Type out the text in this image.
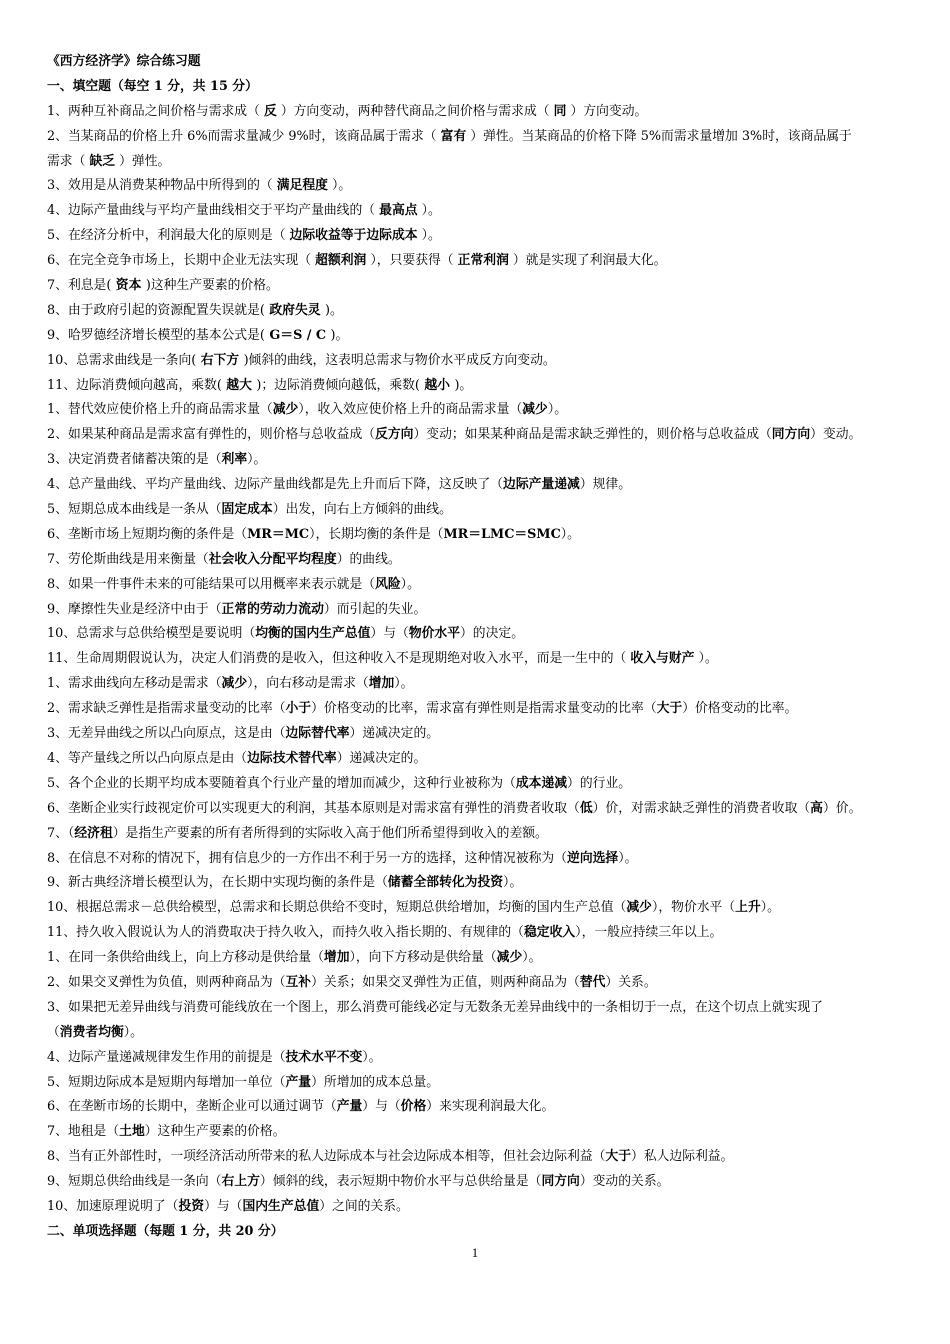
《西方经济学》综合练习题
一、填空题（每空 1 分，共 15 分）
1、两种互补商品之间价格与需求成（ 反 ）方向变动，两种替代商品之间价格与需求成（ 同 ）方向变动。
2、当某商品的价格上升 6%而需求量减少 9%时，该商品属于需求（ 富有 ）弹性。当某商品的价格下降 5%而需求量增加 3%时，该商品属于
需求（ 缺乏 ）弹性。
3、效用是从消费某种物品中所得到的（ 满足程度 ）。
4、边际产量曲线与平均产量曲线相交于平均产量曲线的（ 最高点 ）。
5、在经济分析中，利润最大化的原则是（ 边际收益等于边际成本 ）。
6、在完全竞争市场上，长期中企业无法实现（ 超额利润 ），只要获得（ 正常利润 ）就是实现了利润最大化。
7、利息是( 资本 )这种生产要素的价格。
8、由于政府引起的资源配置失误就是( 政府失灵 )。
9、哈罗德经济增长模型的基本公式是( G＝S / C )。
10、总需求曲线是一条向( 右下方 )倾斜的曲线，这表明总需求与物价水平成反方向变动。
11、边际消费倾向越高，乘数( 越大 )；边际消费倾向越低，乘数( 越小 )。
1、替代效应使价格上升的商品需求量（减少），收入效应使价格上升的商品需求量（减少）。
2、如果某种商品是需求富有弹性的，则价格与总收益成（反方向）变动；如果某种商品是需求缺乏弹性的，则价格与总收益成（同方向）变动。
3、决定消费者储蓄决策的是（利率）。
4、总产量曲线、平均产量曲线、边际产量曲线都是先上升而后下降，这反映了（边际产量递减）规律。
5、短期总成本曲线是一条从（固定成本）出发，向右上方倾斜的曲线。
6、垄断市场上短期均衡的条件是（MR＝MC），长期均衡的条件是（MR＝LMC＝SMC）。
7、劳伦斯曲线是用来衡量（社会收入分配平均程度）的曲线。
8、如果一件事件未来的可能结果可以用概率来表示就是（风险）。
9、摩擦性失业是经济中由于（正常的劳动力流动）而引起的失业。
10、总需求与总供给模型是要说明（均衡的国内生产总值）与（物价水平）的决定。
11、生命周期假说认为，决定人们消费的是收入，但这种收入不是现期绝对收入水平，而是一生中的（ 收入与财产 ）。
1、需求曲线向左移动是需求（减少），向右移动是需求（增加）。
2、需求缺乏弹性是指需求量变动的比率（小于）价格变动的比率，需求富有弹性则是指需求量变动的比率（大于）价格变动的比率。
3、无差异曲线之所以凸向原点，这是由（边际替代率）递减决定的。
4、等产量线之所以凸向原点是由（边际技术替代率）递减决定的。
5、各个企业的长期平均成本要随着真个行业产量的增加而减少，这种行业被称为（成本递减）的行业。
6、垄断企业实行歧视定价可以实现更大的利润，其基本原则是对需求富有弹性的消费者收取（低）价，对需求缺乏弹性的消费者收取（高）价。
7、（经济租）是指生产要素的所有者所得到的实际收入高于他们所希望得到收入的差额。
8、在信息不对称的情况下，拥有信息少的一方作出不利于另一方的选择，这种情况被称为（逆向选择）。
9、新古典经济增长模型认为，在长期中实现均衡的条件是（储蓄全部转化为投资）。
10、根据总需求－总供给模型，总需求和长期总供给不变时，短期总供给增加，均衡的国内生产总值（减少），物价水平（上升）。
11、持久收入假说认为人的消费取决于持久收入，而持久收入指长期的、有规律的（稳定收入），一般应持续三年以上。
1、在同一条供给曲线上，向上方移动是供给量（增加），向下方移动是供给量（减少）。
2、如果交叉弹性为负值，则两种商品为（互补）关系；如果交叉弹性为正值，则两种商品为（替代）关系。
3、如果把无差异曲线与消费可能线放在一个图上，那么消费可能线必定与无数条无差异曲线中的一条相切于一点，在这个切点上就实现了
（消费者均衡）。
4、边际产量递减规律发生作用的前提是（技术水平不变）。
5、短期边际成本是短期内每增加一单位（产量）所增加的成本总量。
6、在垄断市场的长期中，垄断企业可以通过调节（产量）与（价格）来实现利润最大化。
7、地租是（土地）这种生产要素的价格。
8、当有正外部性时，一项经济活动所带来的私人边际成本与社会边际成本相等，但社会边际利益（大于）私人边际利益。
9、短期总供给曲线是一条向（右上方）倾斜的线，表示短期中物价水平与总供给量是（同方向）变动的关系。
10、加速原理说明了（投资）与（国内生产总值）之间的关系。
二、单项选择题（每题 1 分，共 20 分）
1
